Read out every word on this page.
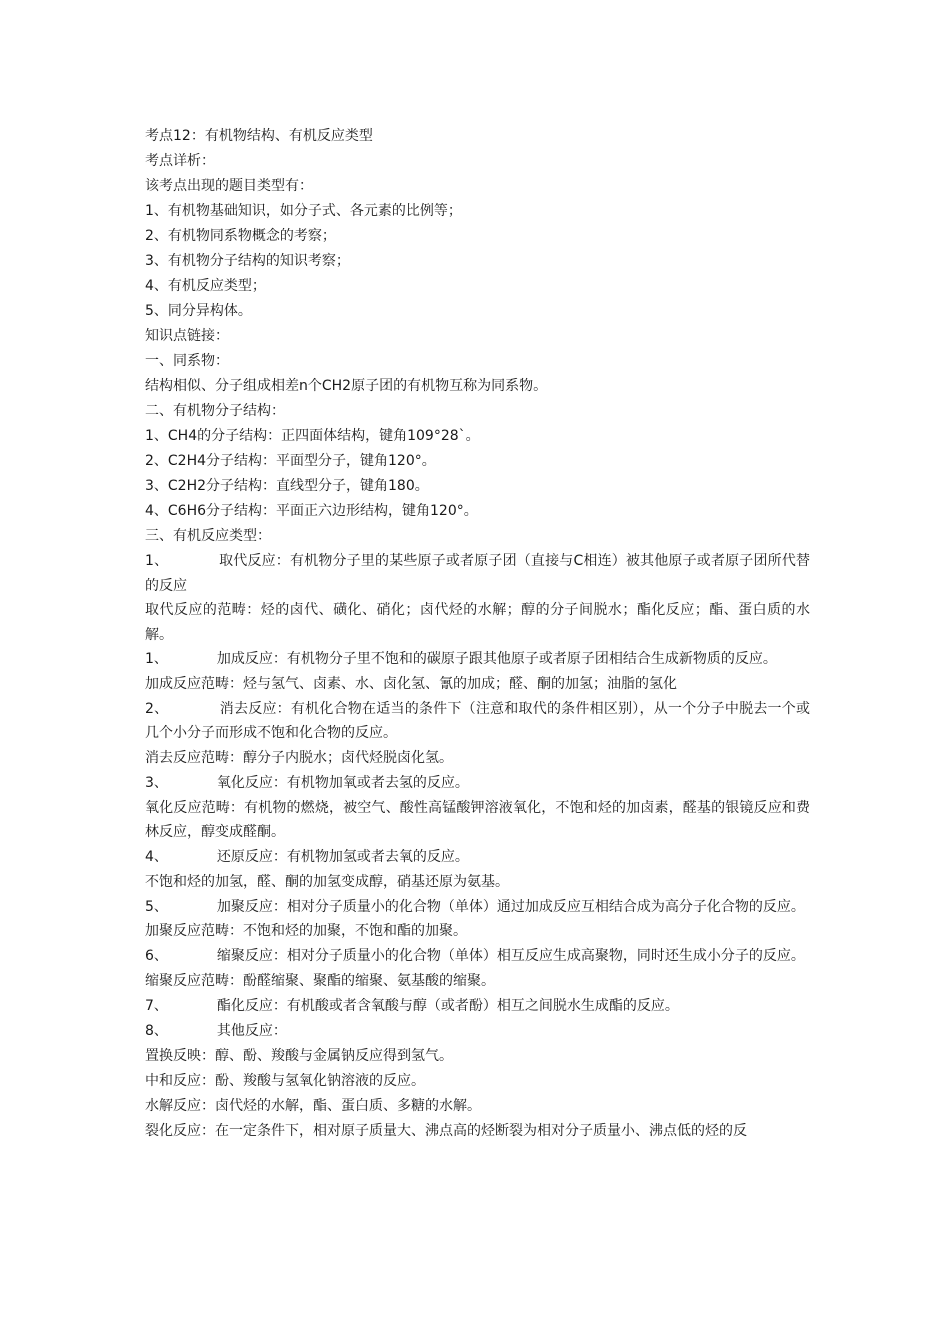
考点12：有机物结构、有机反应类型
考点详析：
该考点出现的题目类型有：
1、有机物基础知识，如分子式、各元素的比例等；
2、有机物同系物概念的考察；
3、有机物分子结构的知识考察；
4、有机反应类型；
5、同分异构体。
知识点链接：
一、同系物：
结构相似、分子组成相差n个CH2原子团的有机物互称为同系物。
二、有机物分子结构：
1、CH4的分子结构：正四面体结构，键角109°28`。
2、C2H4分子结构：平面型分子，键角120°。
3、C2H2分子结构：直线型分子，键角180。
4、C6H6分子结构：平面正六边形结构，键角120°。
三、有机反应类型：
1、           取代反应：有机物分子里的某些原子或者原子团（直接与C相连）被其他原子或者原子团所代替的反应
取代反应的范畴：烃的卤代、磺化、硝化；卤代烃的水解；醇的分子间脱水；酯化反应；酯、蛋白质的水解。
1、           加成反应：有机物分子里不饱和的碳原子跟其他原子或者原子团相结合生成新物质的反应。
加成反应范畴：烃与氢气、卤素、水、卤化氢、氰的加成；醛、酮的加氢；油脂的氢化
2、           消去反应：有机化合物在适当的条件下（注意和取代的条件相区别），从一个分子中脱去一个或几个小分子而形成不饱和化合物的反应。
消去反应范畴：醇分子内脱水；卤代烃脱卤化氢。
3、           氧化反应：有机物加氧或者去氢的反应。
氧化反应范畴：有机物的燃烧，被空气、酸性高锰酸钾溶液氧化，不饱和烃的加卤素，醛基的银镜反应和费林反应，醇变成醛酮。
4、           还原反应：有机物加氢或者去氧的反应。
不饱和烃的加氢，醛、酮的加氢变成醇，硝基还原为氨基。
5、           加聚反应：相对分子质量小的化合物（单体）通过加成反应互相结合成为高分子化合物的反应。
加聚反应范畴：不饱和烃的加聚，不饱和酯的加聚。
6、           缩聚反应：相对分子质量小的化合物（单体）相互反应生成高聚物，同时还生成小分子的反应。
缩聚反应范畴：酚醛缩聚、聚酯的缩聚、氨基酸的缩聚。
7、           酯化反应：有机酸或者含氧酸与醇（或者酚）相互之间脱水生成酯的反应。
8、           其他反应：
置换反映：醇、酚、羧酸与金属钠反应得到氢气。
中和反应：酚、羧酸与氢氧化钠溶液的反应。
水解反应：卤代烃的水解，酯、蛋白质、多糖的水解。
裂化反应：在一定条件下，相对原子质量大、沸点高的烃断裂为相对分子质量小、沸点低的烃的反
